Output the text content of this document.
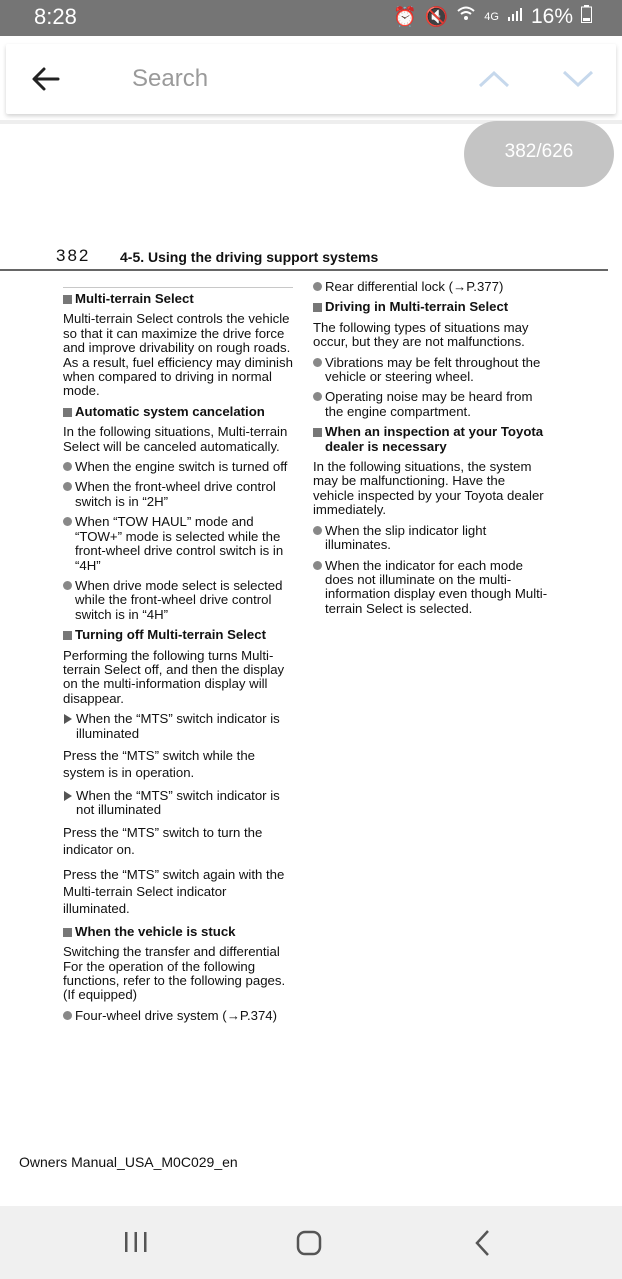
8:28	⏰ 🔇	4G 16%
Search
382/626
382 4-5. Using the driving support systems
Multi-terrain Select
Multi-terrain Select controls the vehicle so that it can maximize the drive force and improve drivability on rough roads. As a result, fuel efficiency may diminish when compared to driving in normal mode.
Automatic system cancelation
In the following situations, Multi-terrain Select will be canceled automatically.
When the engine switch is turned off
When the front-wheel drive control switch is in “2H”
When “TOW HAUL” mode and “TOW+” mode is selected while the front-wheel drive control switch is in “4H”
When drive mode select is selected while the front-wheel drive control switch is in “4H”
Turning off Multi-terrain Select
Performing the following turns Multi-terrain Select off, and then the display on the multi-information display will disappear.
When the “MTS” switch indicator is illuminated
Press the “MTS” switch while the system is in operation.
When the “MTS” switch indicator is not illuminated
Press the “MTS” switch to turn the indicator on.
Press the “MTS” switch again with the Multi-terrain Select indicator illuminated.
When the vehicle is stuck
Switching the transfer and differential For the operation of the following functions, refer to the following pages. (If equipped)
Four-wheel drive system (→P.374)
Rear differential lock (→P.377)
Driving in Multi-terrain Select
The following types of situations may occur, but they are not malfunctions.
Vibrations may be felt throughout the vehicle or steering wheel.
Operating noise may be heard from the engine compartment.
When an inspection at your Toyota dealer is necessary
In the following situations, the system may be malfunctioning. Have the vehicle inspected by your Toyota dealer immediately.
When the slip indicator light illuminates.
When the indicator for each mode does not illuminate on the multi-information display even though Multi-terrain Select is selected.
Owners Manual_USA_M0C029_en
